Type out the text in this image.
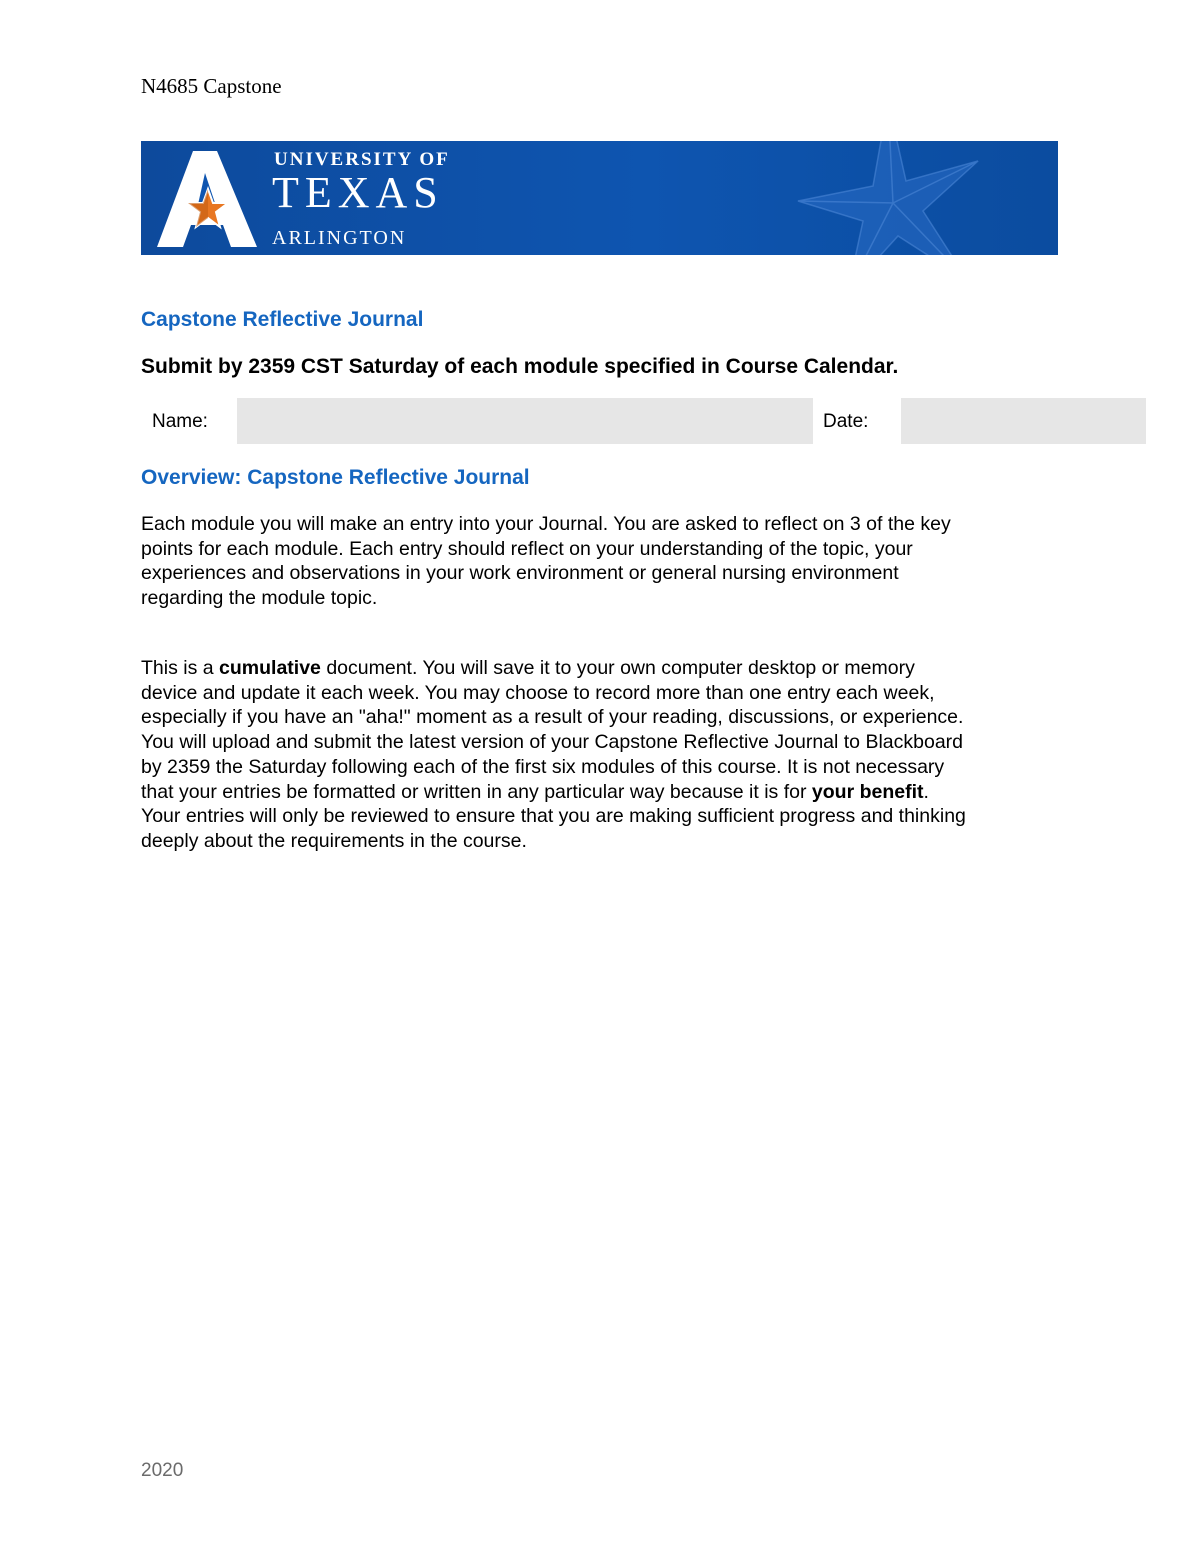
N4685 Capstone
UNIVERSITY OF
TEXAS
ARLINGTON
Capstone Reflective Journal
Submit by 2359 CST Saturday of each module specified in Course Calendar.
Name:	Date:
Overview: Capstone Reflective Journal
Each module you will make an entry into your Journal. You are asked to reflect on 3 of the key
points for each module. Each entry should reflect on your understanding of the topic, your
experiences and observations in your work environment or general nursing environment
regarding the module topic.
This is a cumulative document. You will save it to your own computer desktop or memory
device and update it each week. You may choose to record more than one entry each week,
especially if you have an "aha!" moment as a result of your reading, discussions, or experience.
You will upload and submit the latest version of your Capstone Reflective Journal to Blackboard
by 2359 the Saturday following each of the first six modules of this course. It is not necessary
that your entries be formatted or written in any particular way because it is for your benefit.
Your entries will only be reviewed to ensure that you are making sufficient progress and thinking
deeply about the requirements in the course.
2020
